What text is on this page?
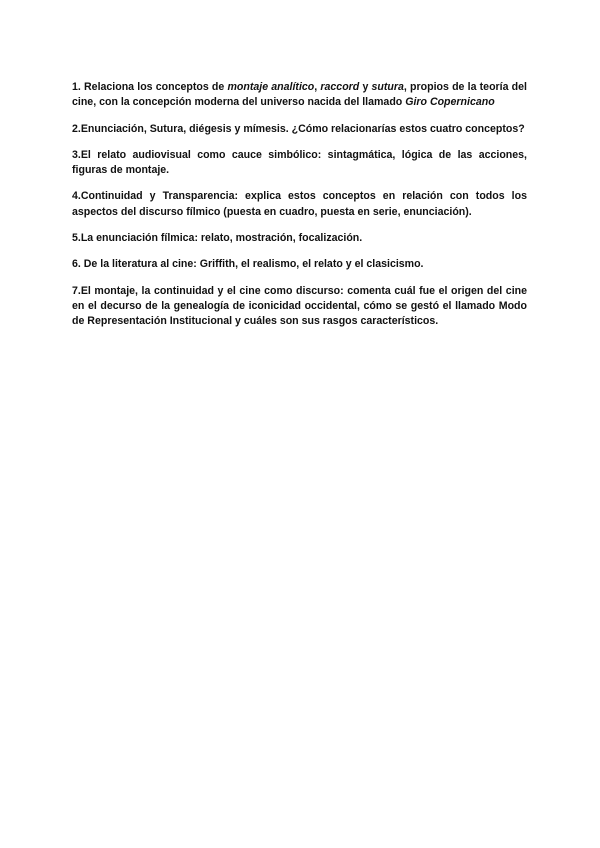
1. Relaciona los conceptos de montaje analítico, raccord y sutura, propios de la teoría del cine, con la concepción moderna del universo nacida del llamado Giro Copernicano

2.Enunciación, Sutura, diégesis y mímesis. ¿Cómo relacionarías estos cuatro conceptos?

3.El relato audiovisual como cauce simbólico: sintagmática, lógica de las acciones, figuras de montaje.

4.Continuidad y Transparencia: explica estos conceptos en relación con todos los aspectos del discurso fílmico (puesta en cuadro, puesta en serie, enunciación).

5.La enunciación fílmica: relato, mostración, focalización.

6. De la literatura al cine: Griffith, el realismo, el relato y el clasicismo.

7.El montaje, la continuidad y el cine como discurso: comenta cuál fue el origen del cine en el decurso de la genealogía de iconicidad occidental, cómo se gestó el llamado Modo de Representación Institucional y cuáles son sus rasgos característicos.
